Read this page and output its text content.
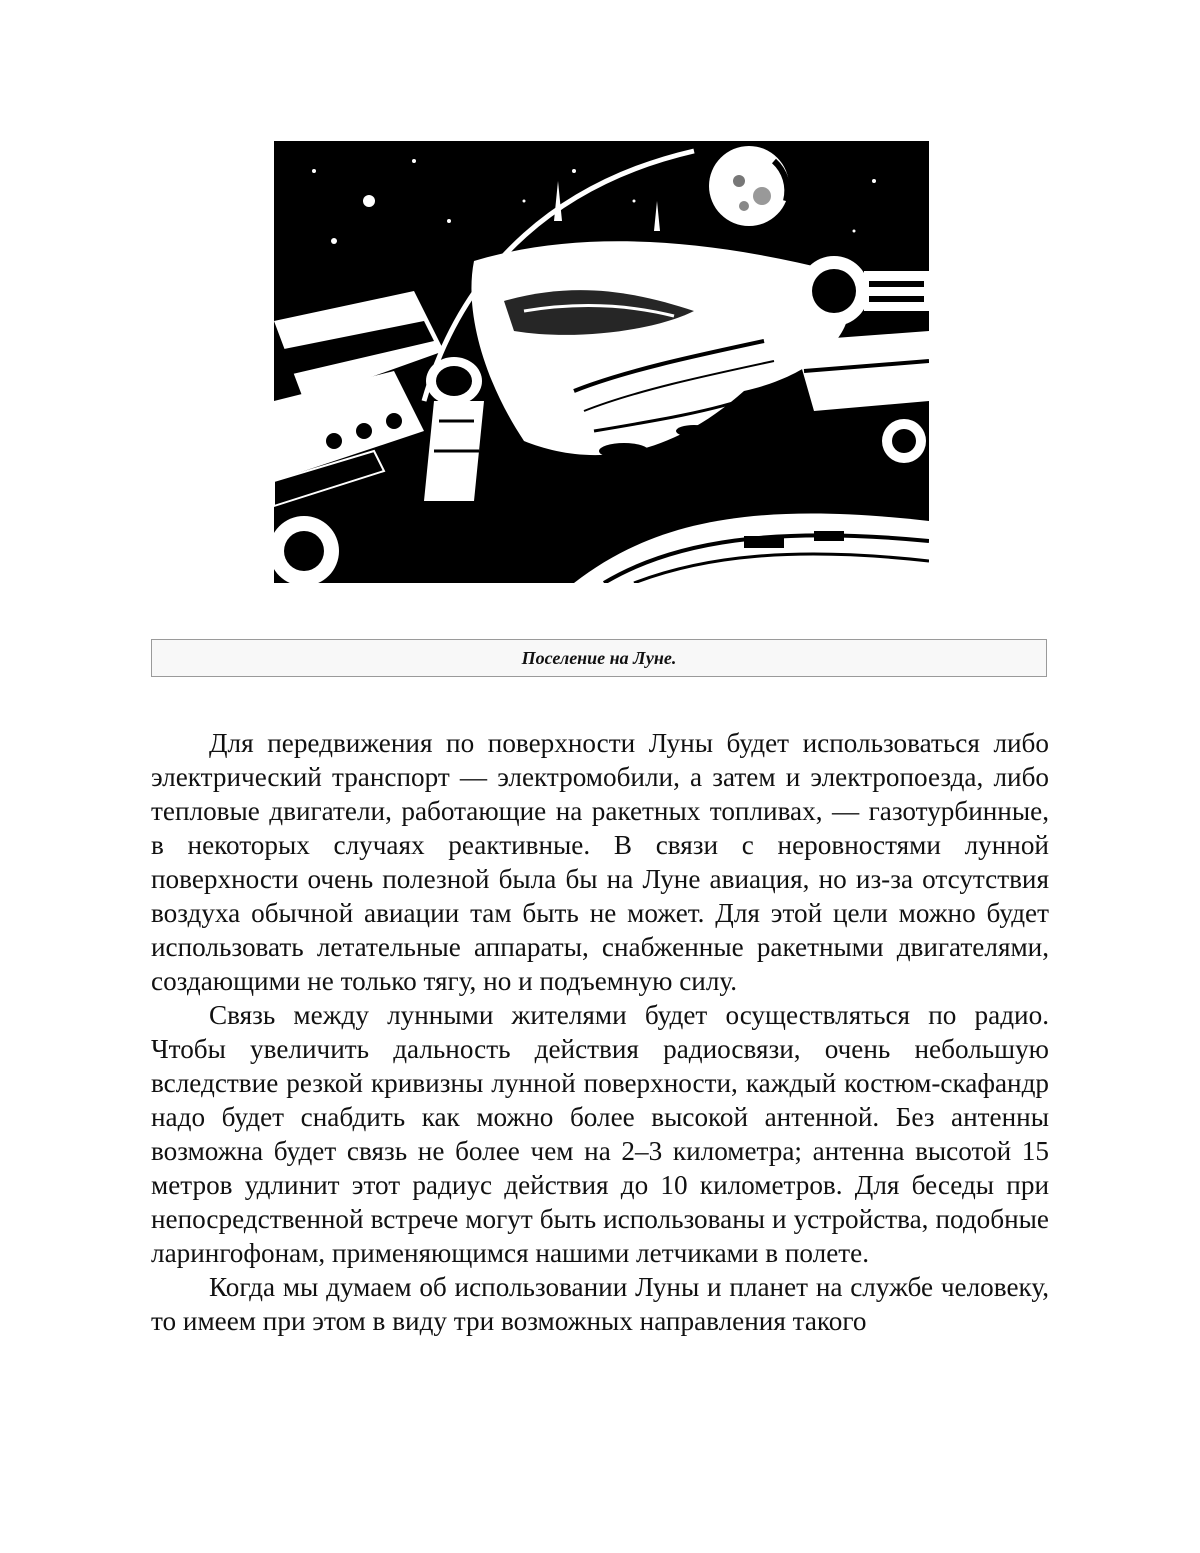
Поселение на Луне.

Для передвижения по поверхности Луны будет использоваться либо электрический транспорт — электромобили, а затем и электропоезда, либо тепловые двигатели, работающие на ракетных топливах, — газотурбинные, в некоторых случаях реактивные. В связи с неровностями лунной поверхности очень полезной была бы на Луне авиация, но из-за отсутствия воздуха обычной авиации там быть не может. Для этой цели можно будет использовать летательные аппараты, снабженные ракетными двигателями, создающими не только тягу, но и подъемную силу.

Связь между лунными жителями будет осуществляться по радио. Чтобы увеличить дальность действия радиосвязи, очень небольшую вследствие резкой кривизны лунной поверхности, каждый костюм-скафандр надо будет снабдить как можно более высокой антенной. Без антенны возможна будет связь не более чем на 2–3 километра; антенна высотой 15 метров удлинит этот радиус действия до 10 километров. Для беседы при непосредственной встрече могут быть использованы и устройства, подобные ларингофонам, применяющимся нашими летчиками в полете.

Когда мы думаем об использовании Луны и планет на службе человеку, то имеем при этом в виду три возможных направления такого
